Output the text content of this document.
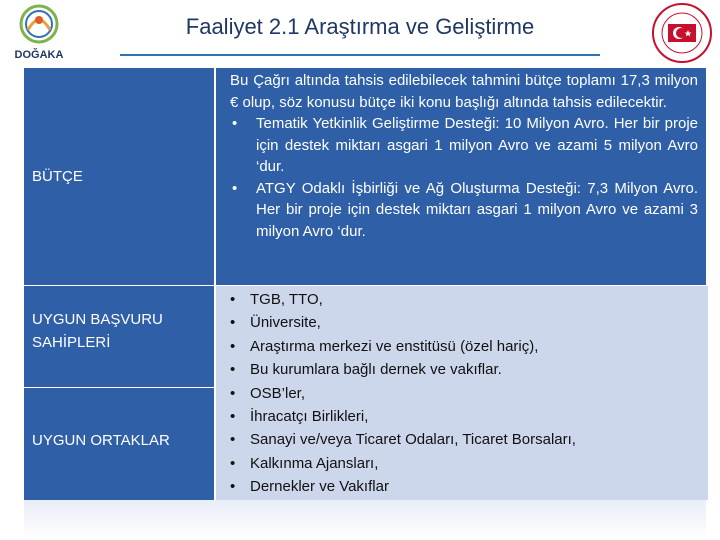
DOĞAKA
Faaliyet 2.1 Araştırma ve Geliştirme
BÜTÇE

Bu Çağrı altında tahsis edilebilecek tahmini bütçe toplamı 17,3 milyon € olup, söz konusu bütçe iki konu başlığı altında tahsis edilecektir.

• Tematik Yetkinlik Geliştirme Desteği: 10 Milyon Avro. Her bir proje için destek miktarı asgari 1 milyon Avro ve azami 5 milyon Avro ‘dur.

• ATGY Odaklı İşbirliği ve Ağ Oluşturma Desteği: 7,3 Milyon Avro. Her bir proje için destek miktarı asgari 1 milyon Avro ve azami 3 milyon Avro ‘dur.

UYGUN BAŞVURU
SAHİPLERİ
UYGUN ORTAKLAR
• TGB, TTO,
• Üniversite,
• Araştırma merkezi ve enstitüsü (özel hariç),
• Bu kurumlara bağlı dernek ve vakıflar.
• OSB’ler,
• İhracatçı Birlikleri,
• Sanayi ve/veya Ticaret Odaları, Ticaret Borsaları,
• Kalkınma Ajansları,
• Dernekler ve Vakıflar
